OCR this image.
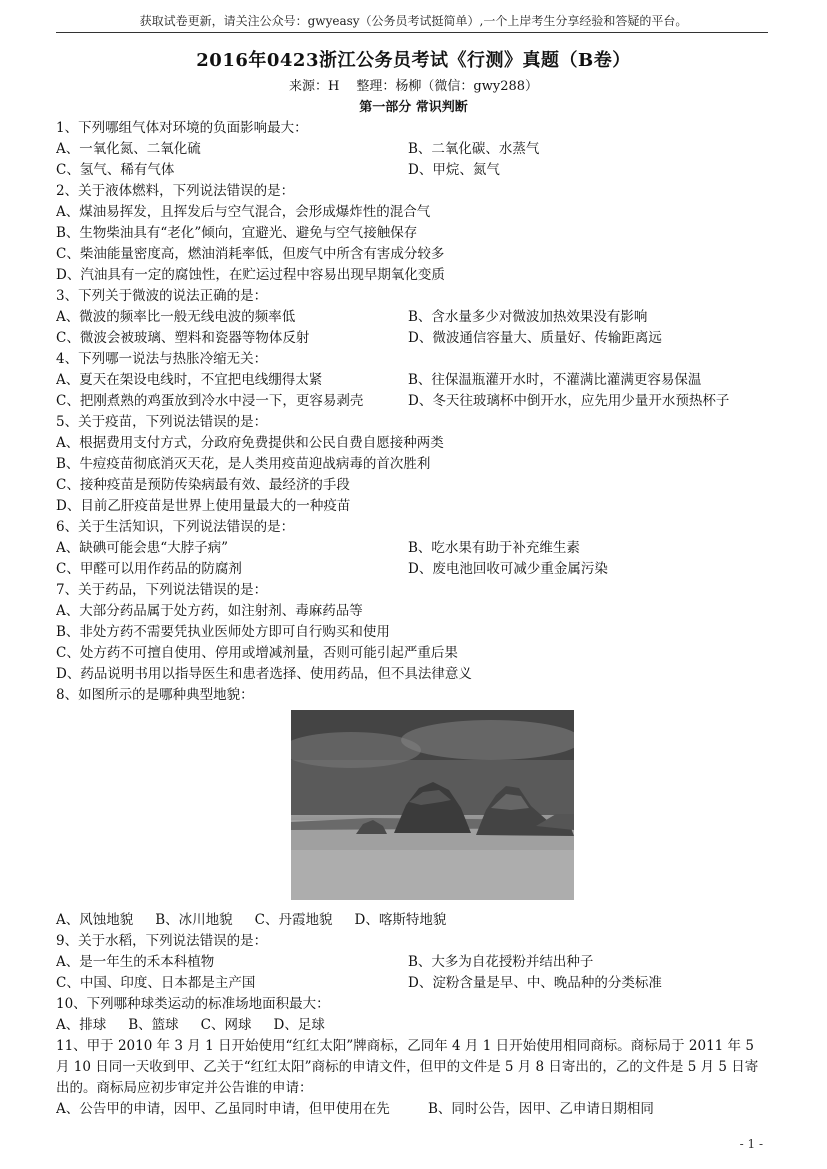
获取试卷更新，请关注公众号：gwyeasy（公务员考试挺简单）,一个上岸考生分享经验和答疑的平台。
2016年0423浙江公务员考试《行测》真题（B卷）
来源：H　 整理：杨柳（微信：gwy288）
第一部分 常识判断
1、下列哪组气体对环境的负面影响最大：
A、一氧化氮、二氧化硫	B、二氧化碳、水蒸气
C、氢气、稀有气体	D、甲烷、氮气
2、关于液体燃料，下列说法错误的是：
A、煤油易挥发，且挥发后与空气混合，会形成爆炸性的混合气
B、生物柴油具有“老化”倾向，宜避光、避免与空气接触保存
C、柴油能量密度高，燃油消耗率低，但废气中所含有害成分较多
D、汽油具有一定的腐蚀性，在贮运过程中容易出现早期氧化变质
3、下列关于微波的说法正确的是：
A、微波的频率比一般无线电波的频率低	B、含水量多少对微波加热效果没有影响
C、微波会被玻璃、塑料和瓷器等物体反射	D、微波通信容量大、质量好、传输距离远
4、下列哪一说法与热胀冷缩无关：
A、夏天在架设电线时，不宜把电线绷得太紧	B、往保温瓶灌开水时，不灌满比灌满更容易保温
C、把刚煮熟的鸡蛋放到冷水中浸一下，更容易剥壳	D、冬天往玻璃杯中倒开水，应先用少量开水预热杯子
5、关于疫苗，下列说法错误的是：
A、根据费用支付方式，分政府免费提供和公民自费自愿接种两类
B、牛痘疫苗彻底消灭天花，是人类用疫苗迎战病毒的首次胜利
C、接种疫苗是预防传染病最有效、最经济的手段
D、目前乙肝疫苗是世界上使用量最大的一种疫苗
6、关于生活知识，下列说法错误的是：
A、缺碘可能会患“大脖子病”	B、吃水果有助于补充维生素
C、甲醛可以用作药品的防腐剂	D、废电池回收可减少重金属污染
7、关于药品，下列说法错误的是：
A、大部分药品属于处方药，如注射剂、毒麻药品等
B、非处方药不需要凭执业医师处方即可自行购买和使用
C、处方药不可擅自使用、停用或增减剂量，否则可能引起严重后果
D、药品说明书用以指导医生和患者选择、使用药品，但不具法律意义
8、如图所示的是哪种典型地貌：
A、风蚀地貌 B、冰川地貌 C、丹霞地貌 D、喀斯特地貌
9、关于水稻，下列说法错误的是：
A、是一年生的禾本科植物	B、大多为自花授粉并结出种子
C、中国、印度、日本都是主产国	D、淀粉含量是早、中、晚品种的分类标准
10、下列哪种球类运动的标准场地面积最大：
A、排球 B、篮球 C、网球 D、足球
11、甲于 2010 年 3 月 1 日开始使用“红红太阳”牌商标，乙同年 4 月 1 日开始使用相同商标。商标局于 2011 年 5 月 10 日同一天收到甲、乙关于“红红太阳”商标的申请文件，但甲的文件是 5 月 8 日寄出的，乙的文件是 5 月 5 日寄出的。商标局应初步审定并公告谁的申请：
A、公告甲的申请，因甲、乙虽同时申请，但甲使用在先	B、同时公告，因甲、乙申请日期相同
- 1 -
